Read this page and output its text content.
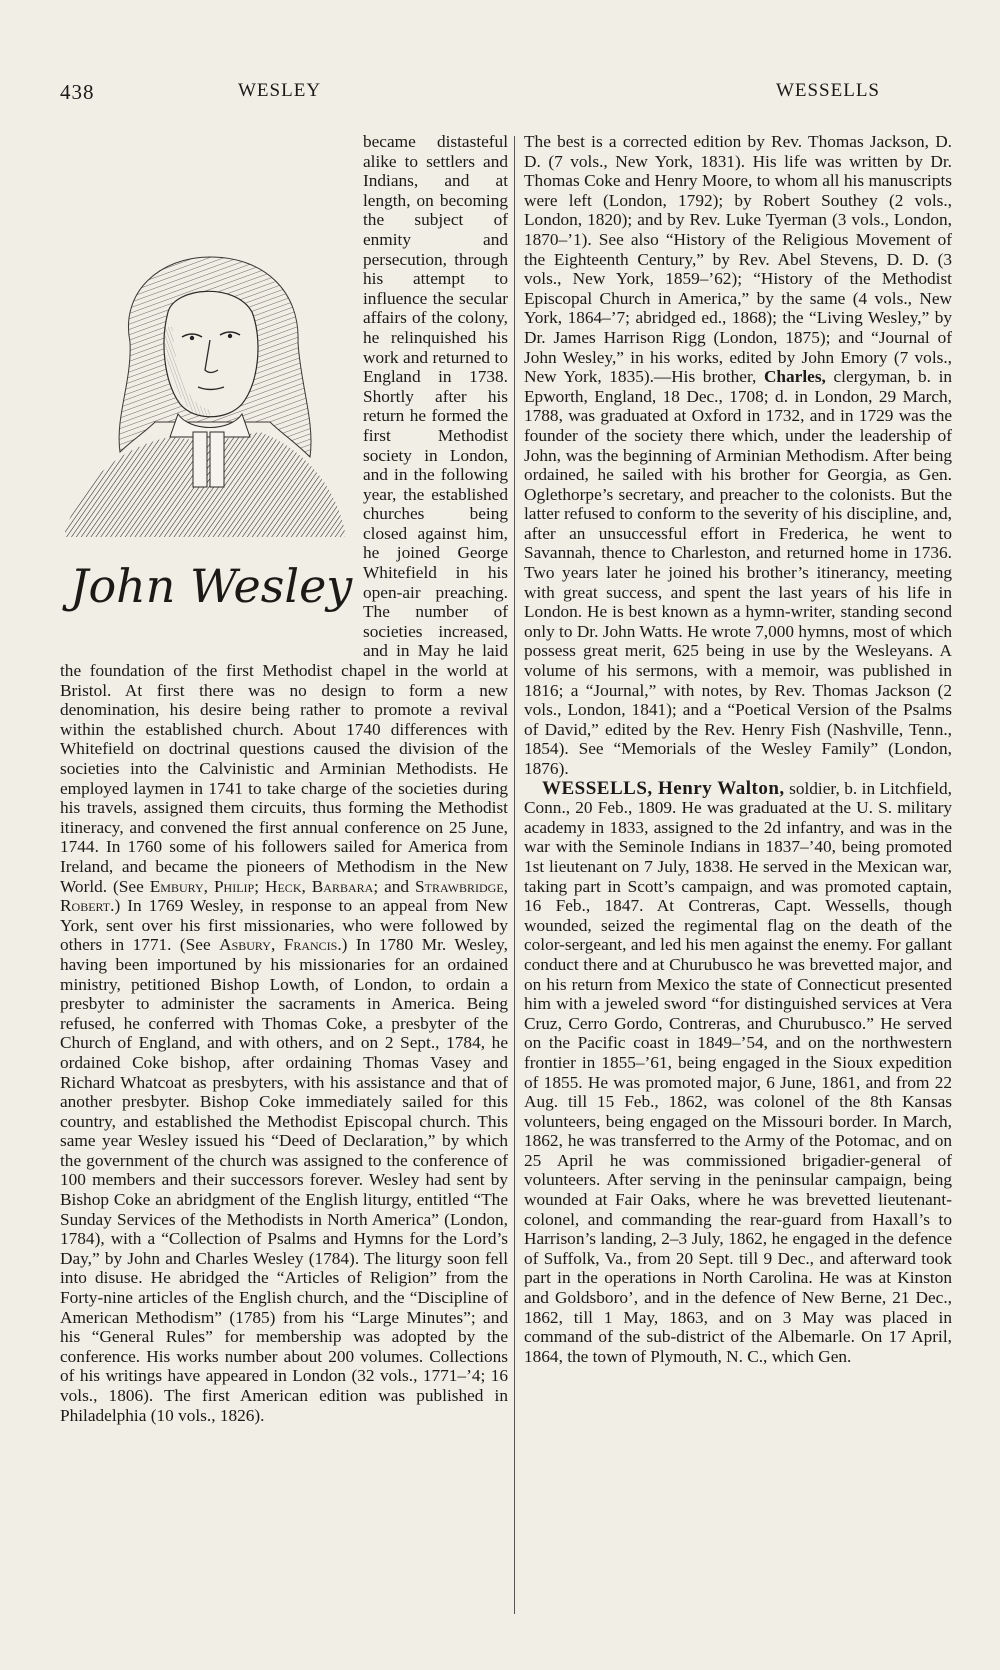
438	WESLEY	WESSELLS
John Wesley

became distasteful alike to settlers and Indians, and at length, on becoming the subject of enmity and persecution, through his attempt to influence the secular affairs of the colony, he relinquished his work and returned to England in 1738. Shortly after his return he formed the first Methodist society in London, and in the following year, the established churches being closed against him, he joined George Whitefield in his open-air preaching. The number of societies increased, and in May he laid the foundation of the first Methodist chapel in the world at Bristol. At first there was no design to form a new denomination, his desire being rather to promote a revival within the established church. About 1740 differences with Whitefield on doctrinal questions caused the division of the societies into the Calvinistic and Arminian Methodists. He employed laymen in 1741 to take charge of the societies during his travels, assigned them circuits, thus forming the Methodist itineracy, and convened the first annual conference on 25 June, 1744. In 1760 some of his followers sailed for America from Ireland, and became the pioneers of Methodism in the New World. (See Embury, Philip; Heck, Barbara; and Strawbridge, Robert.) In 1769 Wesley, in response to an appeal from New York, sent over his first missionaries, who were followed by others in 1771. (See Asbury, Francis.) In 1780 Mr. Wesley, having been importuned by his missionaries for an ordained ministry, petitioned Bishop Lowth, of London, to ordain a presbyter to administer the sacraments in America. Being refused, he conferred with Thomas Coke, a presbyter of the Church of England, and with others, and on 2 Sept., 1784, he ordained Coke bishop, after ordaining Thomas Vasey and Richard Whatcoat as presbyters, with his assistance and that of another presbyter. Bishop Coke immediately sailed for this country, and established the Methodist Episcopal church. This same year Wesley issued his “Deed of Declaration,” by which the government of the church was assigned to the conference of 100 members and their successors forever. Wesley had sent by Bishop Coke an abridgment of the English liturgy, entitled “The Sunday Services of the Methodists in North America” (London, 1784), with a “Collection of Psalms and Hymns for the Lord’s Day,” by John and Charles Wesley (1784). The liturgy soon fell into disuse. He abridged the “Articles of Religion” from the Forty-nine articles of the English church, and the “Discipline of American Methodism” (1785) from his “Large Minutes”; and his “General Rules” for membership was adopted by the conference. His works number about 200 volumes. Collections of his writings have appeared in London (32 vols., 1771–’4; 16 vols., 1806). The first American edition was published in Philadelphia (10 vols., 1826).

The best is a corrected edition by Rev. Thomas Jackson, D. D. (7 vols., New York, 1831). His life was written by Dr. Thomas Coke and Henry Moore, to whom all his manuscripts were left (London, 1792); by Robert Southey (2 vols., London, 1820); and by Rev. Luke Tyerman (3 vols., London, 1870–’1). See also “History of the Religious Movement of the Eighteenth Century,” by Rev. Abel Stevens, D. D. (3 vols., New York, 1859–’62); “History of the Methodist Episcopal Church in America,” by the same (4 vols., New York, 1864–’7; abridged ed., 1868); the “Living Wesley,” by Dr. James Harrison Rigg (London, 1875); and “Journal of John Wesley,” in his works, edited by John Emory (7 vols., New York, 1835).—His brother, Charles, clergyman, b. in Epworth, England, 18 Dec., 1708; d. in London, 29 March, 1788, was graduated at Oxford in 1732, and in 1729 was the founder of the society there which, under the leadership of John, was the beginning of Arminian Methodism. After being ordained, he sailed with his brother for Georgia, as Gen. Oglethorpe’s secretary, and preacher to the colonists. But the latter refused to conform to the severity of his discipline, and, after an unsuccessful effort in Frederica, he went to Savannah, thence to Charleston, and returned home in 1736. Two years later he joined his brother’s itinerancy, meeting with great success, and spent the last years of his life in London. He is best known as a hymn-writer, standing second only to Dr. John Watts. He wrote 7,000 hymns, most of which possess great merit, 625 being in use by the Wesleyans. A volume of his sermons, with a memoir, was published in 1816; a “Journal,” with notes, by Rev. Thomas Jackson (2 vols., London, 1841); and a “Poetical Version of the Psalms of David,” edited by the Rev. Henry Fish (Nashville, Tenn., 1854). See “Memorials of the Wesley Family” (London, 1876).

WESSELLS, Henry Walton, soldier, b. in Litchfield, Conn., 20 Feb., 1809. He was graduated at the U. S. military academy in 1833, assigned to the 2d infantry, and was in the war with the Seminole Indians in 1837–’40, being promoted 1st lieutenant on 7 July, 1838. He served in the Mexican war, taking part in Scott’s campaign, and was promoted captain, 16 Feb., 1847. At Contreras, Capt. Wessells, though wounded, seized the regimental flag on the death of the color-sergeant, and led his men against the enemy. For gallant conduct there and at Churubusco he was brevetted major, and on his return from Mexico the state of Connecticut presented him with a jeweled sword “for distinguished services at Vera Cruz, Cerro Gordo, Contreras, and Churubusco.” He served on the Pacific coast in 1849–’54, and on the northwestern frontier in 1855–’61, being engaged in the Sioux expedition of 1855. He was promoted major, 6 June, 1861, and from 22 Aug. till 15 Feb., 1862, was colonel of the 8th Kansas volunteers, being engaged on the Missouri border. In March, 1862, he was transferred to the Army of the Potomac, and on 25 April he was commissioned brigadier-general of volunteers. After serving in the peninsular campaign, being wounded at Fair Oaks, where he was brevetted lieutenant-colonel, and commanding the rear-guard from Haxall’s to Harrison’s landing, 2–3 July, 1862, he engaged in the defence of Suffolk, Va., from 20 Sept. till 9 Dec., and afterward took part in the operations in North Carolina. He was at Kinston and Goldsboro’, and in the defence of New Berne, 21 Dec., 1862, till 1 May, 1863, and on 3 May was placed in command of the sub-district of the Albemarle. On 17 April, 1864, the town of Plymouth, N. C., which Gen.
